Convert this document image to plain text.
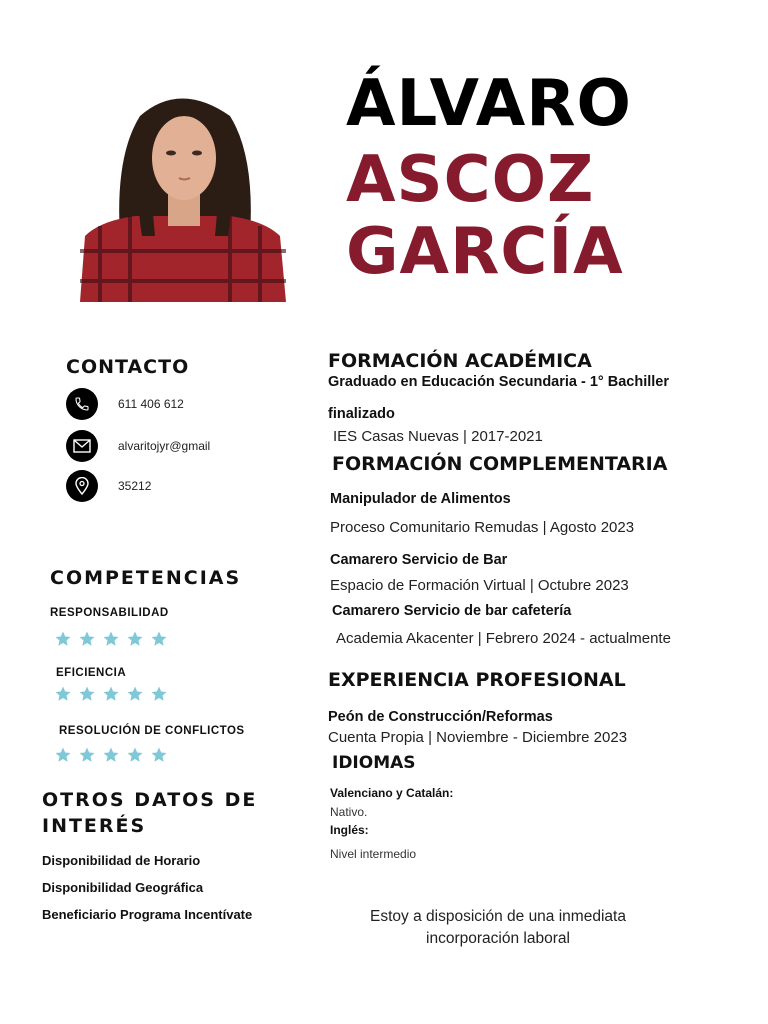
ÁLVARO
ASCOZ
GARCÍA
CONTACTO
611 406 612
alvaritojyr@gmail
35212
COMPETENCIAS
RESPONSABILIDAD
EFICIENCIA
RESOLUCIÓN DE CONFLICTOS
OTROS DATOS DE
INTERÉS
Disponibilidad de Horario
Disponibilidad Geográfica
Beneficiario Programa Incentívate
FORMACIÓN ACADÉMICA
Graduado en Educación Secundaria - 1° Bachiller
finalizado
IES Casas Nuevas | 2017-2021
FORMACIÓN COMPLEMENTARIA
Manipulador de Alimentos
Proceso Comunitario Remudas | Agosto 2023
Camarero Servicio de Bar
Espacio de Formación Virtual | Octubre 2023
Camarero Servicio de bar cafetería
Academia Akacenter | Febrero 2024 - actualmente
EXPERIENCIA PROFESIONAL
Peón de Construcción/Reformas
Cuenta Propia | Noviembre - Diciembre 2023
IDIOMAS
Valenciano y Catalán:
Nativo.
Inglés:
Nivel intermedio
Estoy a disposición de una inmediata
incorporación laboral
